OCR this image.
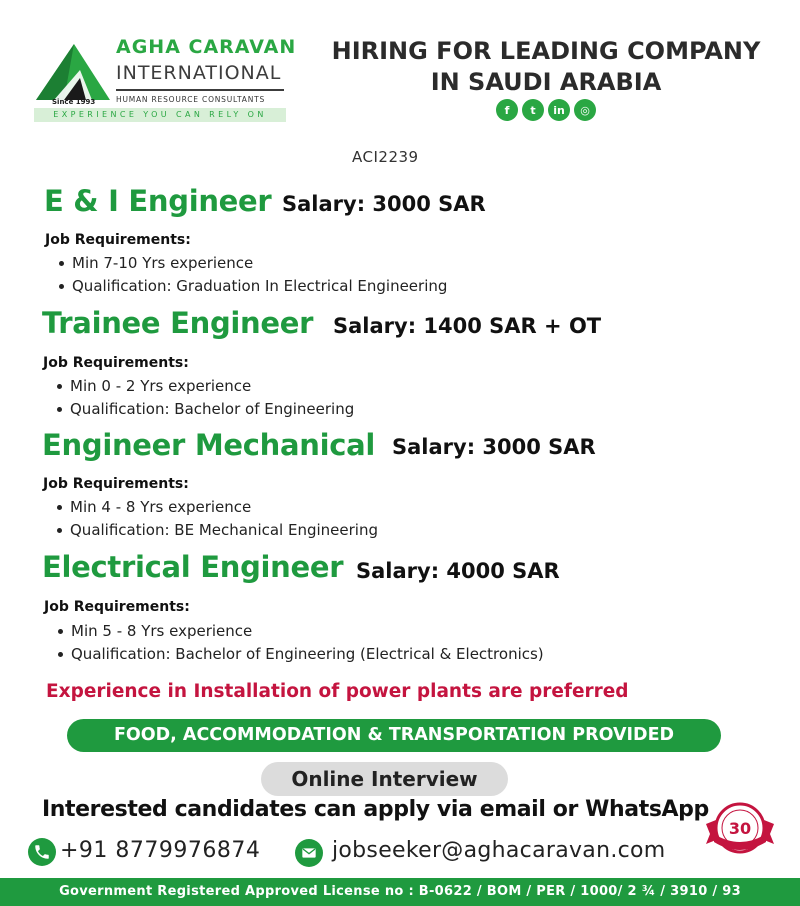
Since 1993
AGHA CARAVAN
INTERNATIONAL
HUMAN RESOURCE CONSULTANTS
EXPERIENCE YOU CAN RELY ON
HIRING FOR LEADING COMPANY
IN SAUDI ARABIA
f	t	in	◎
ACI2239
E & I Engineer Salary: 3000 SAR
Job Requirements:
Min 7-10 Yrs experience
Qualification: Graduation In Electrical Engineering
Trainee Engineer Salary: 1400 SAR + OT
Job Requirements:
Min 0 - 2 Yrs experience
Qualification: Bachelor of Engineering
Engineer Mechanical Salary: 3000 SAR
Job Requirements:
Min 4 - 8 Yrs experience
Qualification: BE Mechanical Engineering
Electrical Engineer Salary: 4000 SAR
Job Requirements:
Min 5 - 8 Yrs experience
Qualification: Bachelor of Engineering (Electrical & Electronics)
Experience in Installation of power plants are preferred
FOOD, ACCOMMODATION & TRANSPORTATION PROVIDED
Online Interview
Interested candidates can apply via email or WhatsApp
+91 8779976874	jobseeker@aghacaravan.com
30
Government Registered Approved License no : B-0622 / BOM / PER / 1000/ 2 ¾ / 3910 / 93
